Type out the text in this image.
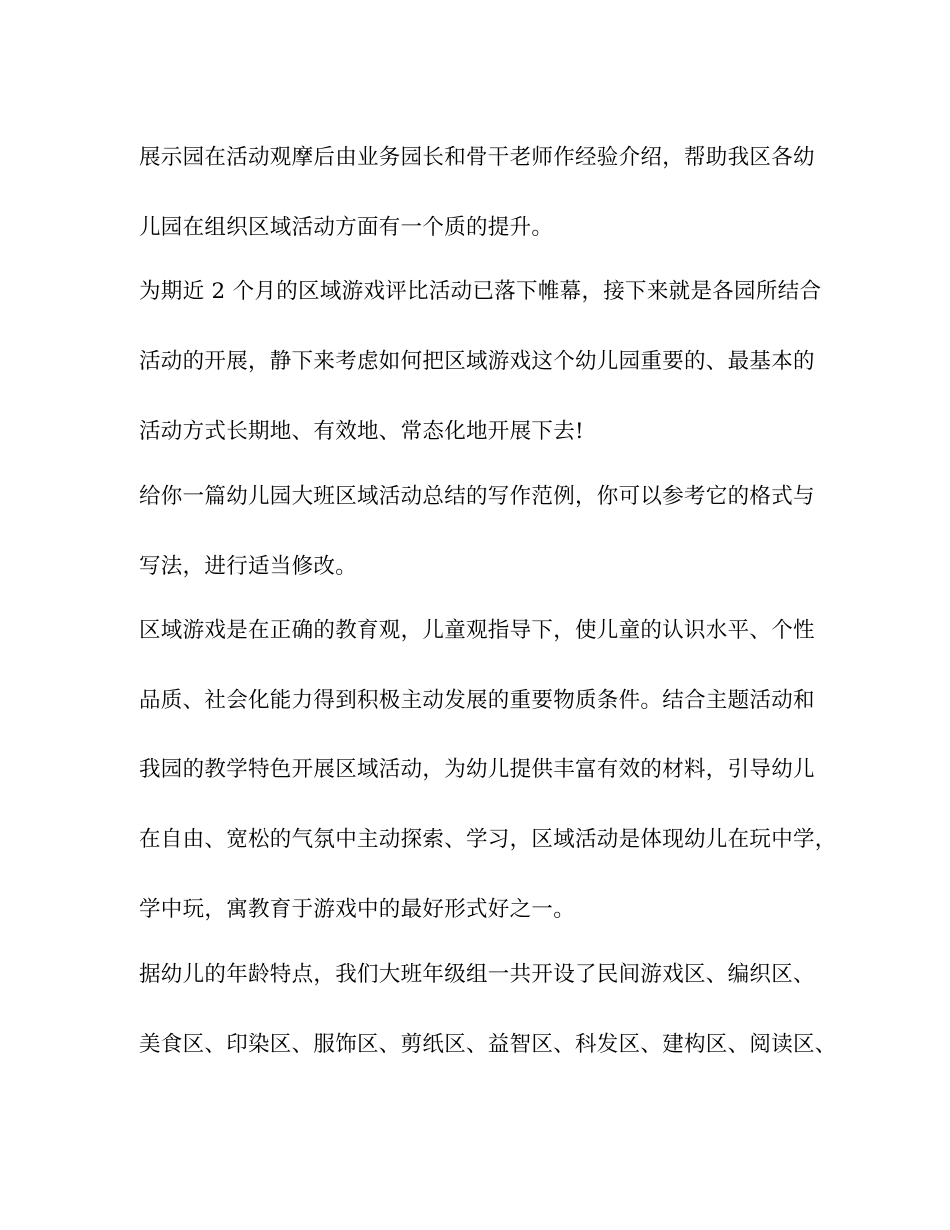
展示园在活动观摩后由业务园长和骨干老师作经验介绍，帮助我区各幼
儿园在组织区域活动方面有一个质的提升。
为期近 2 个月的区域游戏评比活动已落下帷幕，接下来就是各园所结合
活动的开展，静下来考虑如何把区域游戏这个幼儿园重要的、最基本的
活动方式长期地、有效地、常态化地开展下去!
给你一篇幼儿园大班区域活动总结的写作范例，你可以参考它的格式与
写法，进行适当修改。
区域游戏是在正确的教育观，儿童观指导下，使儿童的认识水平、个性
品质、社会化能力得到积极主动发展的重要物质条件。结合主题活动和
我园的教学特色开展区域活动，为幼儿提供丰富有效的材料，引导幼儿
在自由、宽松的气氛中主动探索、学习，区域活动是体现幼儿在玩中学，
学中玩，寓教育于游戏中的最好形式好之一。
据幼儿的年龄特点，我们大班年级组一共开设了民间游戏区、编织区、
美食区、印染区、服饰区、剪纸区、益智区、科发区、建构区、阅读区、
